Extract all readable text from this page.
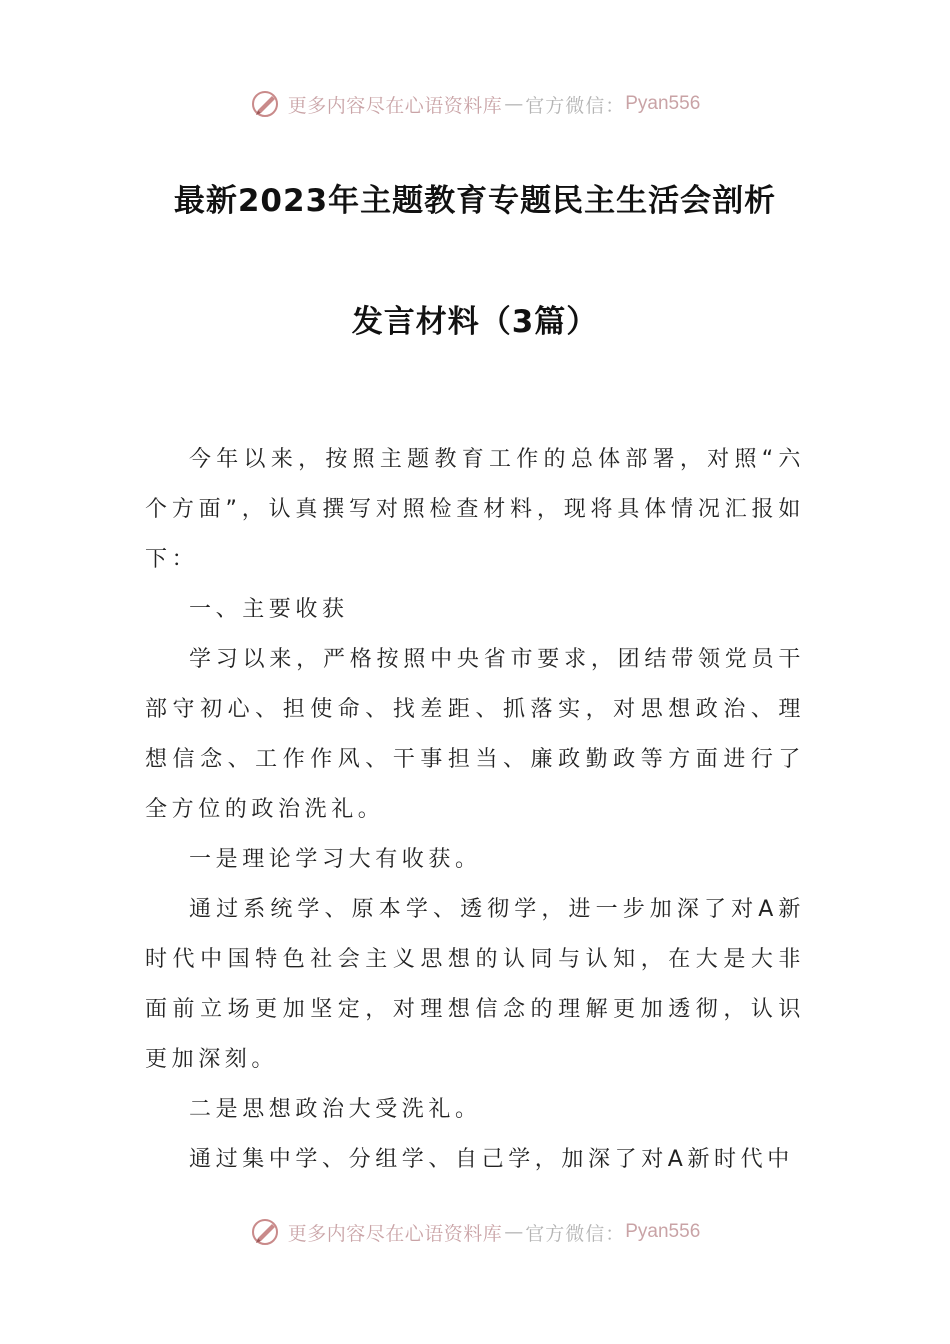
更多内容尽在心语资料库 — 官方微信： Pyan556
最新2023年主题教育专题民主生活会剖析
发言材料（3篇）

今年以来，按照主题教育工作的总体部署，对照“六个方面”，认真撰写对照检查材料，现将具体情况汇报如下：

一、主要收获

学习以来，严格按照中央省市要求，团结带领党员干部守初心、担使命、找差距、抓落实，对思想政治、理想信念、工作作风、干事担当、廉政勤政等方面进行了全方位的政治洗礼。

一是理论学习大有收获。

通过系统学、原本学、透彻学，进一步加深了对A新时代中国特色社会主义思想的认同与认知，在大是大非面前立场更加坚定，对理想信念的理解更加透彻，认识更加深刻。

二是思想政治大受洗礼。

通过集中学、分组学、自己学，加深了对A新时代中

更多内容尽在心语资料库 — 官方微信： Pyan556
